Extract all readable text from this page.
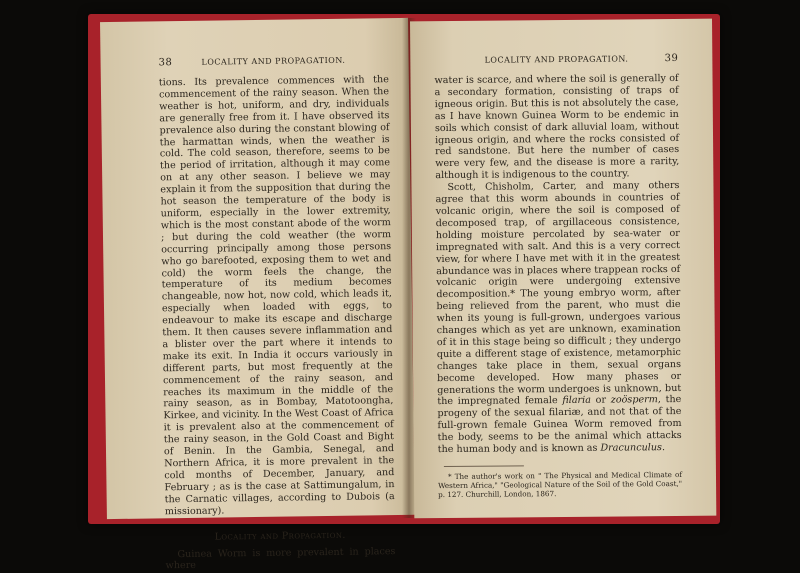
38	LOCALITY AND PROPAGATION.

tions. Its prevalence commences with the commencement of the rainy season. When the weather is hot, uniform, and dry, individuals are generally free from it. I have observed its prevalence also during the constant blowing of the harmattan winds, when the weather is cold. The cold season, therefore, seems to be the period of irritation, although it may come on at any other season. I believe we may explain it from the supposition that during the hot season the temperature of the body is uniform, especially in the lower extremity, which is the most constant abode of the worm ; but during the cold weather (the worm occurring principally among those persons who go barefooted, exposing them to wet and cold) the worm feels the change, the temperature of its medium becomes changeable, now hot, now cold, which leads it, especially when loaded with eggs, to endeavour to make its escape and discharge them. It then causes severe inflammation and a blister over the part where it intends to make its exit. In India it occurs variously in different parts, but most frequently at the commencement of the rainy season, and reaches its maximum in the middle of the rainy season, as in Bombay, Matotoongha, Kirkee, and vicinity. In the West Coast of Africa it is prevalent also at the commencement of the rainy season, in the Gold Coast and Bight of Benin. In the Gambia, Senegal, and Northern Africa, it is more prevalent in the cold months of December, January, and February ; as is the case at Sattimungalum, in the Carnatic villages, according to Dubois (a missionary).

Locality and Propagation.

Guinea Worm is more prevalent in places where

LOCALITY AND PROPAGATION.	39

water is scarce, and where the soil is generally of a secondary formation, consisting of traps of igneous origin. But this is not absolutely the case, as I have known Guinea Worm to be endemic in soils which consist of dark alluvial loam, without igneous origin, and where the rocks consisted of red sandstone. But here the number of cases were very few, and the disease is more a rarity, although it is indigenous to the country.

Scott, Chisholm, Carter, and many others agree that this worm abounds in countries of volcanic origin, where the soil is composed of decomposed trap, of argillaceous consistence, holding moisture percolated by sea-water or impregnated with salt. And this is a very correct view, for where I have met with it in the greatest abundance was in places where trappean rocks of volcanic origin were undergoing extensive decomposition.* The young embryo worm, after being relieved from the parent, who must die when its young is full-grown, undergoes various changes which as yet are unknown, examination of it in this stage being so difficult ; they undergo quite a different stage of existence, metamorphic changes take place in them, sexual organs become developed. How many phases or generations the worm undergoes is unknown, but the impregnated female filaria or zoösperm, the progeny of the sexual filariæ, and not that of the full-grown female Guinea Worm removed from the body, seems to be the animal which attacks the human body and is known as Dracunculus.

* The author's work on " The Physical and Medical Climate of Western Africa," "Geological Nature of the Soil of the Gold Coast," p. 127. Churchill, London, 1867.
